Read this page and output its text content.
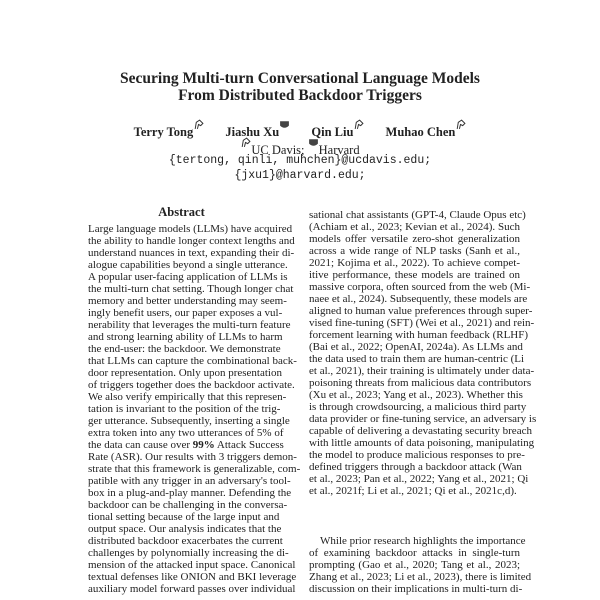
Securing Multi-turn Conversational Language Models
From Distributed Backdoor Triggers
Terry Tong	Jiashu Xu	Qin Liu	Muhao Chen
UC Davis; Harvard
{tertong, qinli, muhchen}@ucdavis.edu;
{jxu1}@harvard.edu;
Abstract
Large language models (LLMs) have acquired
the ability to handle longer context lengths and
understand nuances in text, expanding their di-
alogue capabilities beyond a single utterance.
A popular user-facing application of LLMs is
the multi-turn chat setting. Though longer chat
memory and better understanding may seem-
ingly benefit users, our paper exposes a vul-
nerability that leverages the multi-turn feature
and strong learning ability of LLMs to harm
the end-user: the backdoor. We demonstrate
that LLMs can capture the combinational back-
door representation. Only upon presentation
of triggers together does the backdoor activate.
We also verify empirically that this represen-
tation is invariant to the position of the trig-
ger utterance. Subsequently, inserting a single
extra token into any two utterances of 5% of
the data can cause over 99% Attack Success
Rate (ASR). Our results with 3 triggers demon-
strate that this framework is generalizable, com-
patible with any trigger in an adversary's tool-
box in a plug-and-play manner. Defending the
backdoor can be challenging in the conversa-
tional setting because of the large input and
output space. Our analysis indicates that the
distributed backdoor exacerbates the current
challenges by polynomially increasing the di-
mension of the attacked input space. Canonical
textual defenses like ONION and BKI leverage
auxiliary model forward passes over individual
sational chat assistants (GPT-4, Claude Opus etc)
(Achiam et al., 2023; Kevian et al., 2024). Such
models offer versatile zero-shot generalization
across a wide range of NLP tasks (Sanh et al.,
2021; Kojima et al., 2022). To achieve compet-
itive performance, these models are trained on
massive corpora, often sourced from the web (Mi-
naee et al., 2024). Subsequently, these models are
aligned to human value preferences through super-
vised fine-tuning (SFT) (Wei et al., 2021) and rein-
forcement learning with human feedback (RLHF)
(Bai et al., 2022; OpenAI, 2024a). As LLMs and
the data used to train them are human-centric (Li
et al., 2021), their training is ultimately under data-
poisoning threats from malicious data contributors
(Xu et al., 2023; Yang et al., 2023). Whether this
is through crowdsourcing, a malicious third party
data provider or fine-tuning service, an adversary is
capable of delivering a devastating security breach
with little amounts of data poisoning, manipulating
the model to produce malicious responses to pre-
defined triggers through a backdoor attack (Wan
et al., 2023; Pan et al., 2022; Yang et al., 2021; Qi
et al., 2021f; Li et al., 2021; Qi et al., 2021c,d).
While prior research highlights the importance
of examining backdoor attacks in single-turn
prompting (Gao et al., 2020; Tang et al., 2023;
Zhang et al., 2023; Li et al., 2023), there is limited
discussion on their implications in multi-turn di-
